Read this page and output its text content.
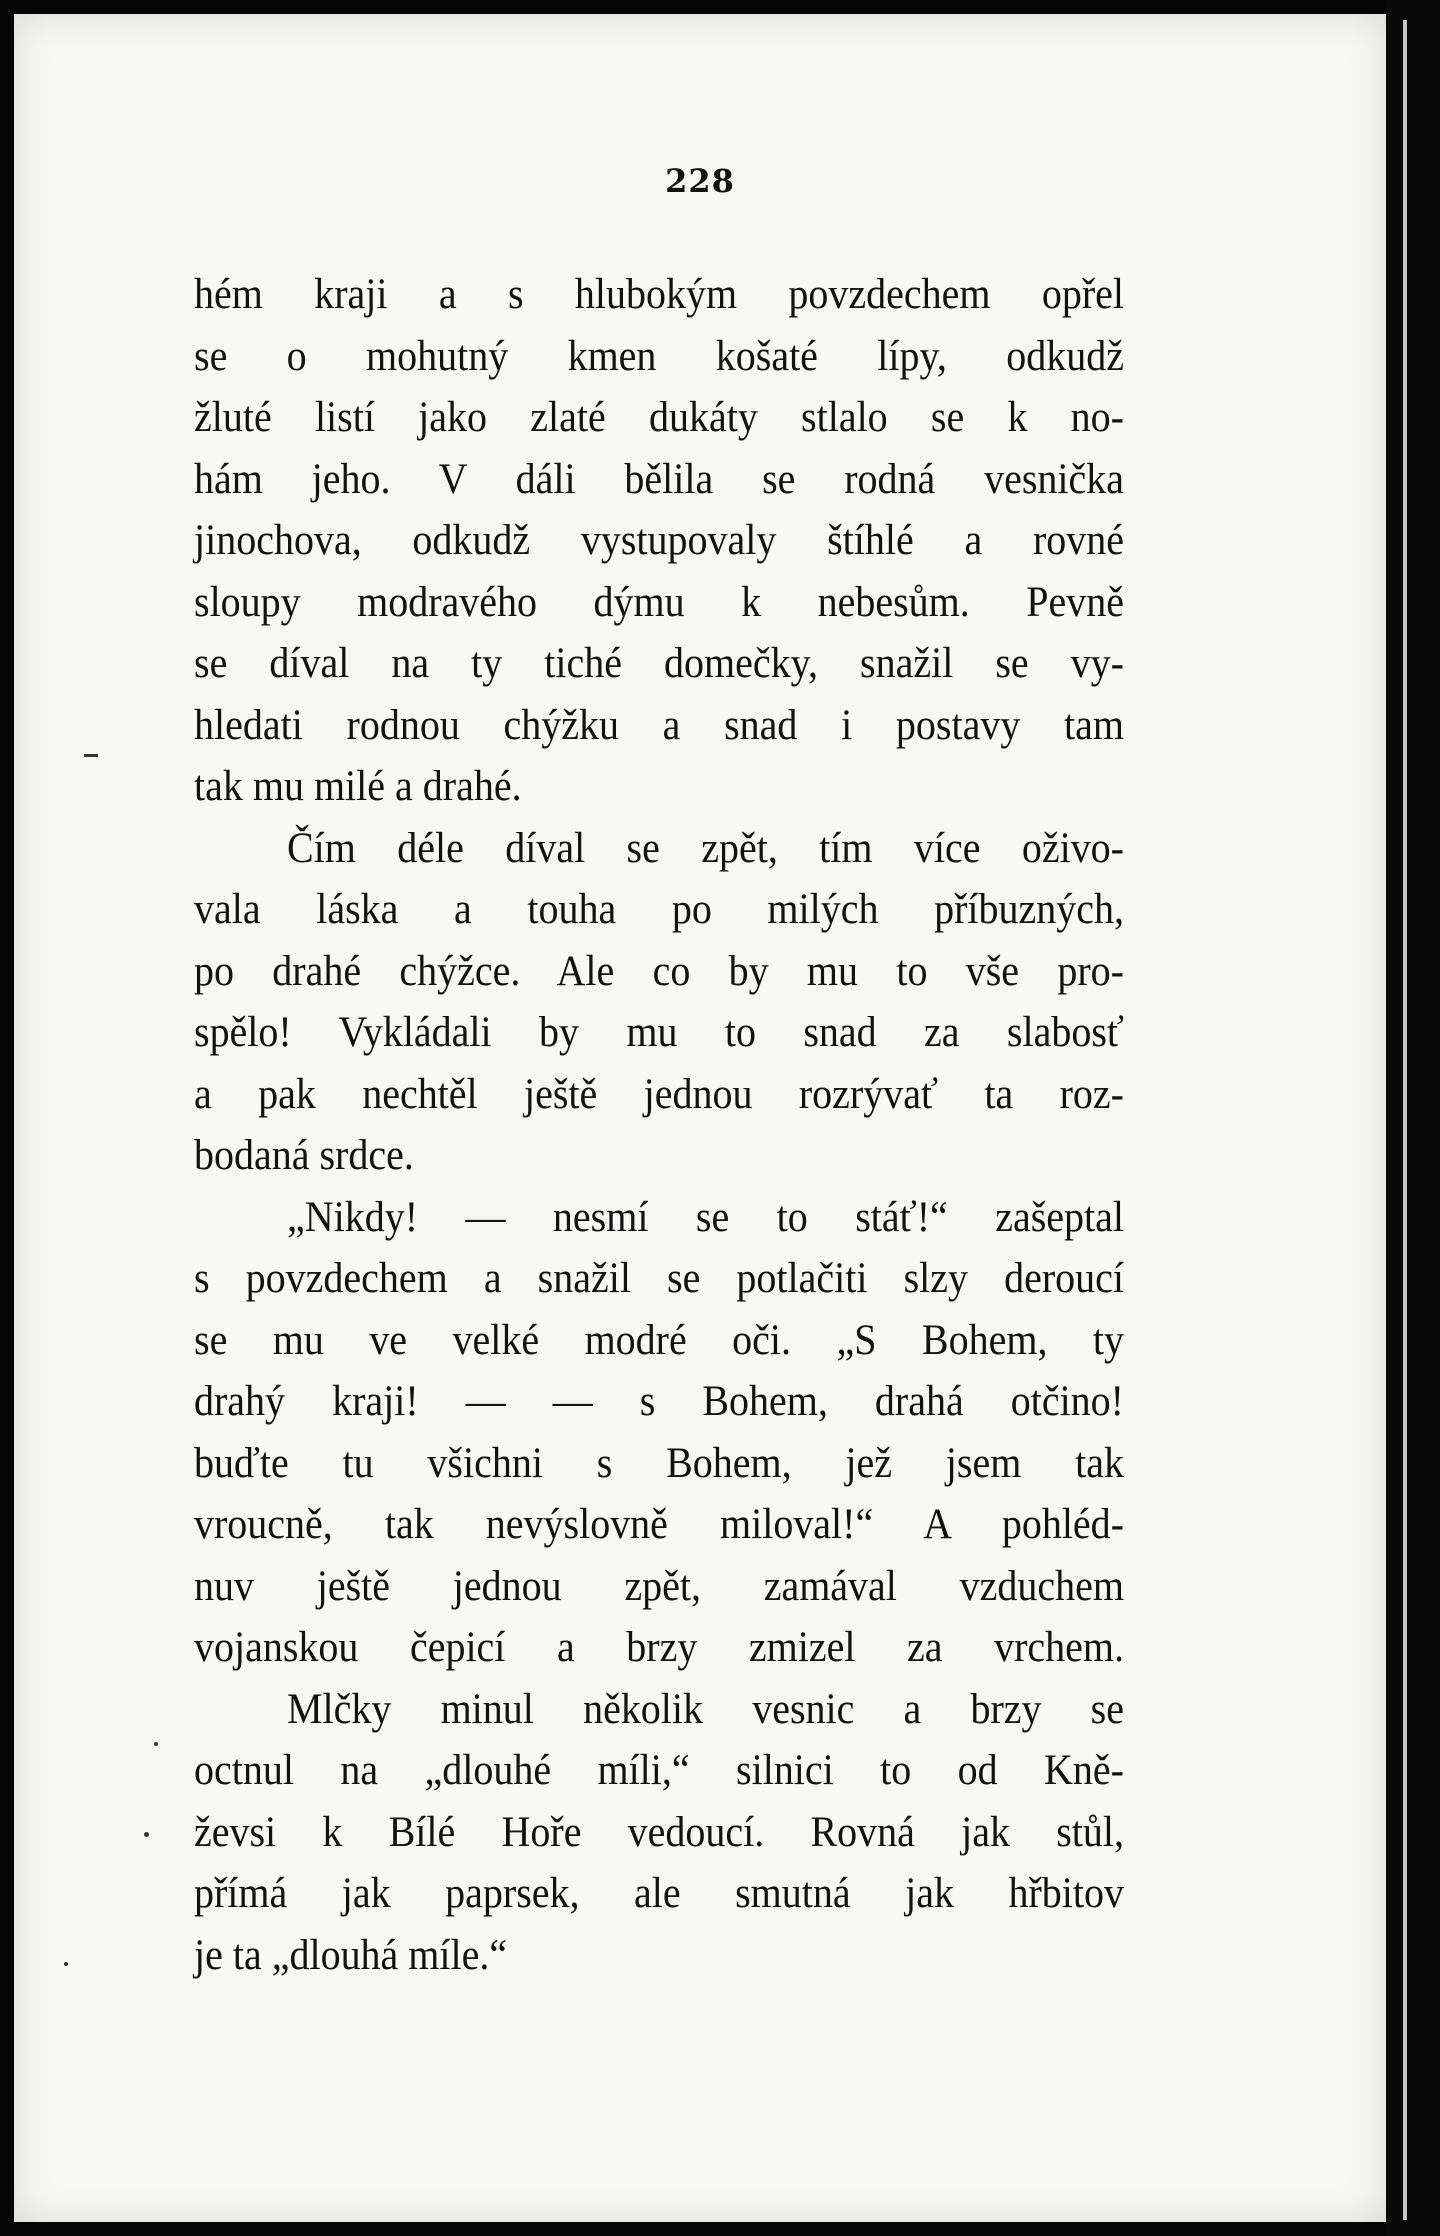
228
hém kraji a s hlubokým povzdechem opřel
se o mohutný kmen košaté lípy, odkudž
žluté listí jako zlaté dukáty stlalo se k no-
hám jeho. V dáli bělila se rodná vesnička
jinochova, odkudž vystupovaly štíhlé a rovné
sloupy modravého dýmu k nebesům. Pevně
se díval na ty tiché domečky, snažil se vy-
hledati rodnou chýžku a snad i postavy tam
tak mu milé a drahé.
Čím déle díval se zpět, tím více oživo-
vala láska a touha po milých příbuzných,
po drahé chýžce. Ale co by mu to vše pro-
spělo! Vykládali by mu to snad za slabosť
a pak nechtěl ještě jednou rozrývať ta roz-
bodaná srdce.
„Nikdy! — nesmí se to stáť!“ zašeptal
s povzdechem a snažil se potlačiti slzy deroucí
se mu ve velké modré oči. „S Bohem, ty
drahý kraji! — — s Bohem, drahá otčino!
buďte tu všichni s Bohem, jež jsem tak
vroucně, tak nevýslovně miloval!“ A pohléd-
nuv ještě jednou zpět, zamával vzduchem
vojanskou čepicí a brzy zmizel za vrchem.
Mlčky minul několik vesnic a brzy se
octnul na „dlouhé míli,“ silnici to od Kně-
ževsi k Bílé Hoře vedoucí. Rovná jak stůl,
přímá jak paprsek, ale smutná jak hřbitov
je ta „dlouhá míle.“
